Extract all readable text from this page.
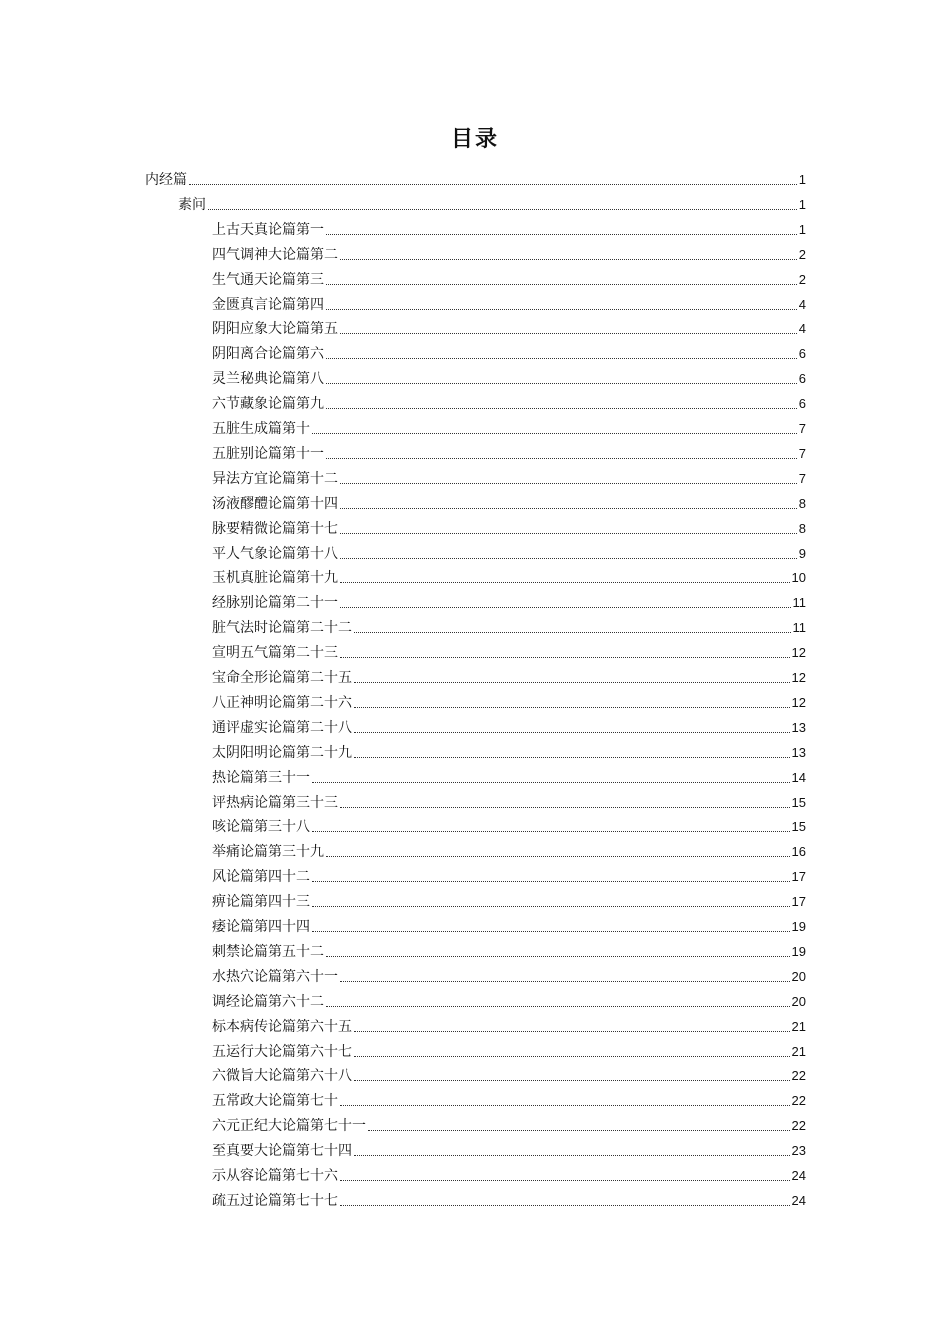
目录
内经篇	1
素问	1
上古天真论篇第一	1
四气调神大论篇第二	2
生气通天论篇第三	2
金匮真言论篇第四	4
阴阳应象大论篇第五	4
阴阳离合论篇第六	6
灵兰秘典论篇第八	6
六节藏象论篇第九	6
五脏生成篇第十	7
五脏别论篇第十一	7
异法方宜论篇第十二	7
汤液醪醴论篇第十四	8
脉要精微论篇第十七	8
平人气象论篇第十八	9
玉机真脏论篇第十九	10
经脉别论篇第二十一	11
脏气法时论篇第二十二	11
宣明五气篇第二十三	12
宝命全形论篇第二十五	12
八正神明论篇第二十六	12
通评虚实论篇第二十八	13
太阴阳明论篇第二十九	13
热论篇第三十一	14
评热病论篇第三十三	15
咳论篇第三十八	15
举痛论篇第三十九	16
风论篇第四十二	17
痹论篇第四十三	17
痿论篇第四十四	19
刺禁论篇第五十二	19
水热穴论篇第六十一	20
调经论篇第六十二	20
标本病传论篇第六十五	21
五运行大论篇第六十七	21
六微旨大论篇第六十八	22
五常政大论篇第七十	22
六元正纪大论篇第七十一	22
至真要大论篇第七十四	23
示从容论篇第七十六	24
疏五过论篇第七十七	24
